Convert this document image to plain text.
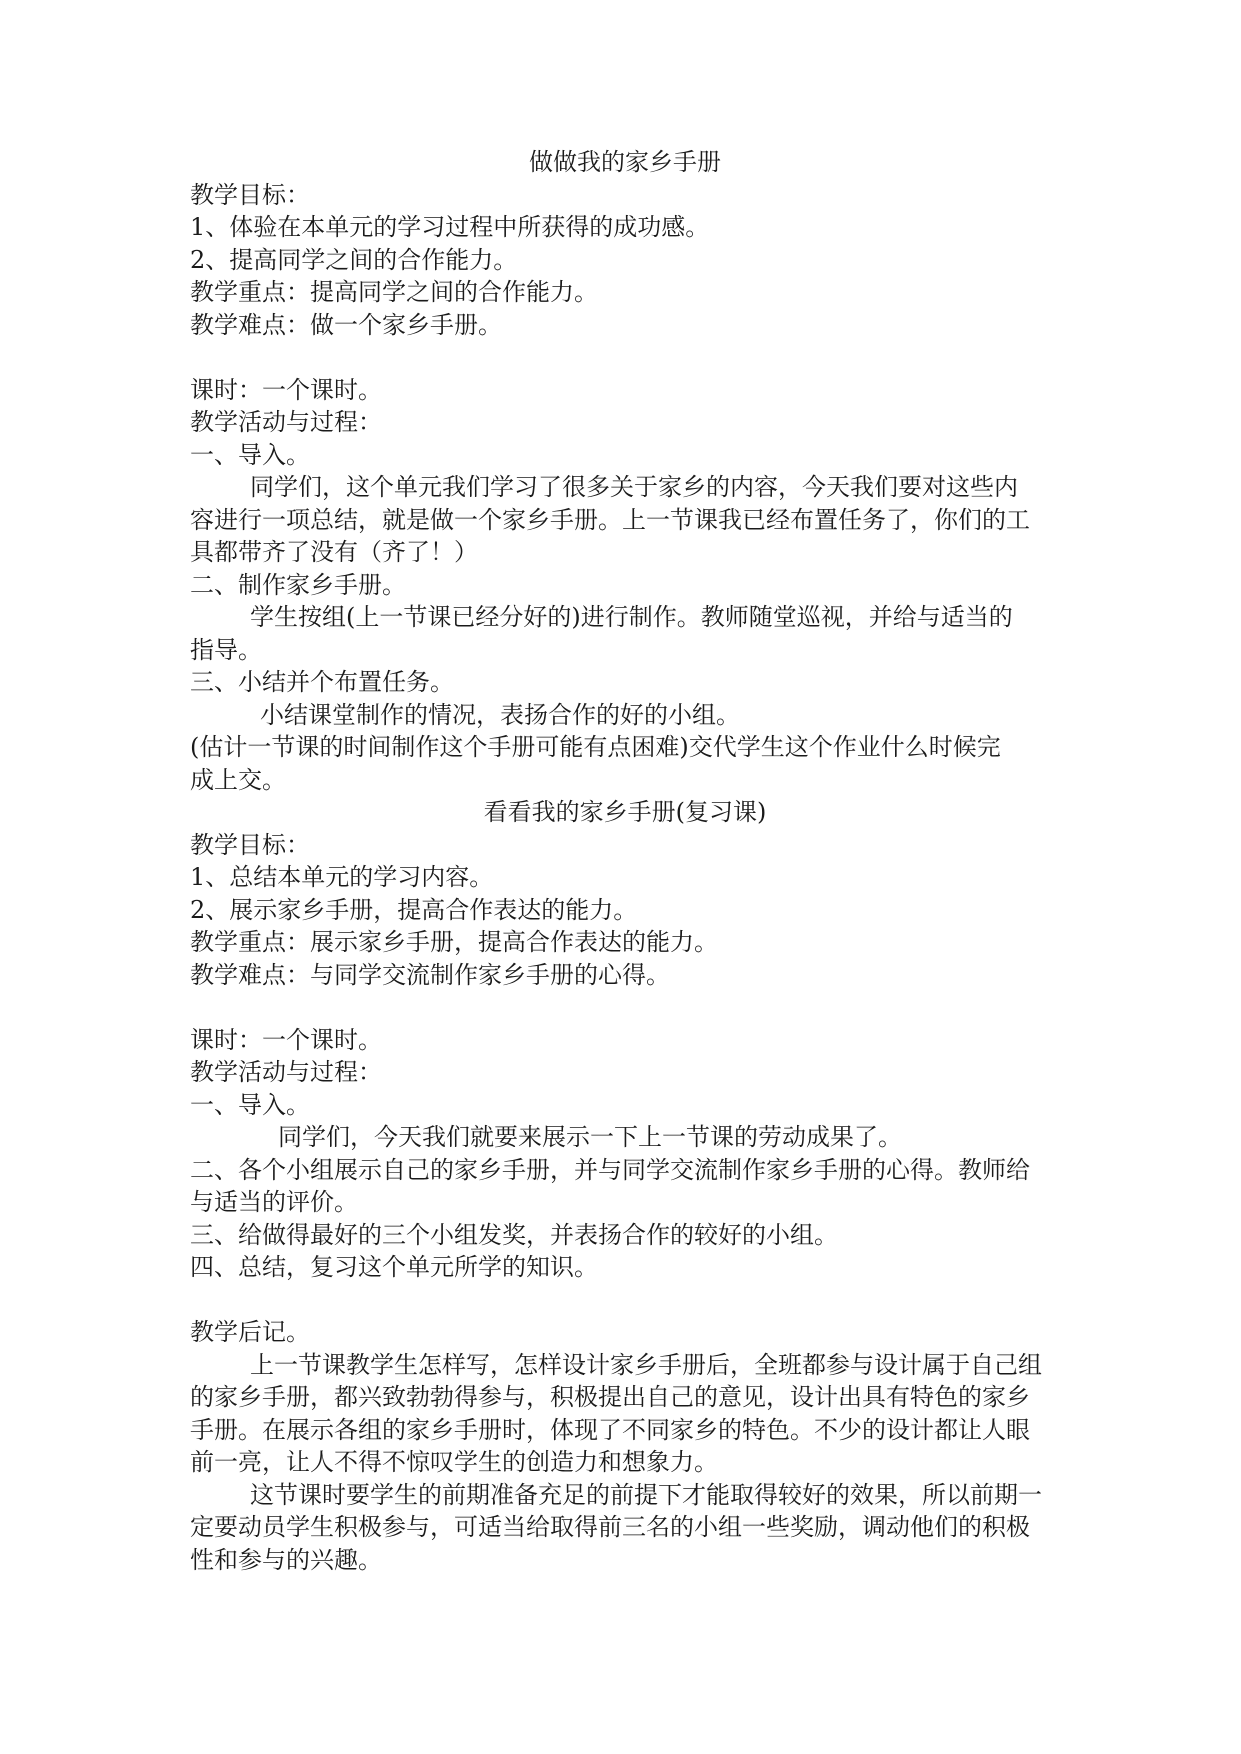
做做我的家乡手册

教学目标：

1、体验在本单元的学习过程中所获得的成功感。

2、提高同学之间的合作能力。

教学重点：提高同学之间的合作能力。

教学难点：做一个家乡手册。

课时：一个课时。

教学活动与过程：

一、导入。

同学们，这个单元我们学习了很多关于家乡的内容，今天我们要对这些内

容进行一项总结，就是做一个家乡手册。上一节课我已经布置任务了，你们的工

具都带齐了没有（齐了！）

二、制作家乡手册。

学生按组(上一节课已经分好的)进行制作。教师随堂巡视，并给与适当的

指导。

三、小结并个布置任务。

小结课堂制作的情况，表扬合作的好的小组。

(估计一节课的时间制作这个手册可能有点困难)交代学生这个作业什么时候完

成上交。

看看我的家乡手册(复习课)

教学目标：

1、总结本单元的学习内容。

2、展示家乡手册，提高合作表达的能力。

教学重点：展示家乡手册，提高合作表达的能力。

教学难点：与同学交流制作家乡手册的心得。

课时：一个课时。

教学活动与过程：

一、导入。

同学们，今天我们就要来展示一下上一节课的劳动成果了。

二、各个小组展示自己的家乡手册，并与同学交流制作家乡手册的心得。教师给

与适当的评价。

三、给做得最好的三个小组发奖，并表扬合作的较好的小组。

四、总结，复习这个单元所学的知识。

教学后记。

上一节课教学生怎样写，怎样设计家乡手册后，全班都参与设计属于自己组

的家乡手册，都兴致勃勃得参与，积极提出自己的意见，设计出具有特色的家乡

手册。在展示各组的家乡手册时，体现了不同家乡的特色。不少的设计都让人眼

前一亮，让人不得不惊叹学生的创造力和想象力。

这节课时要学生的前期准备充足的前提下才能取得较好的效果，所以前期一

定要动员学生积极参与，可适当给取得前三名的小组一些奖励，调动他们的积极

性和参与的兴趣。
